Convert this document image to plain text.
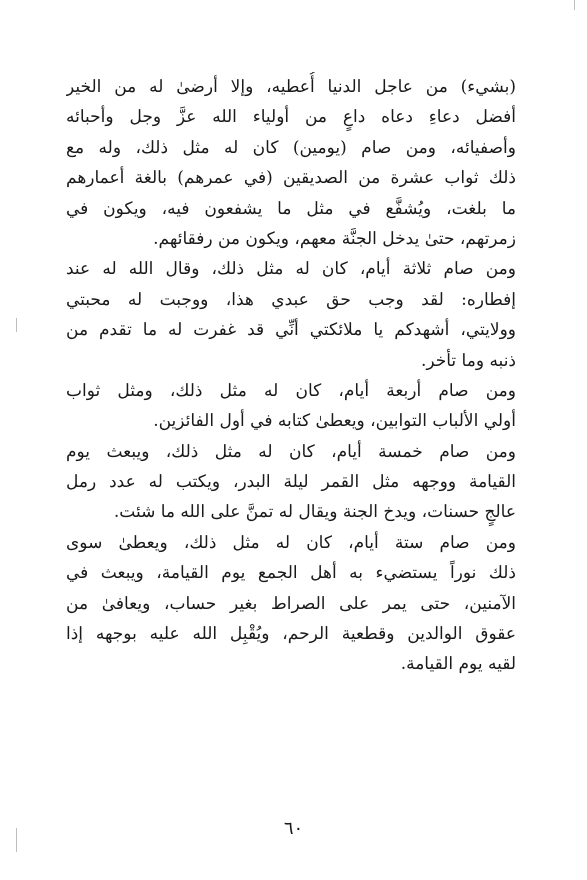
(بشيء) من عاجل الدنيا أُعطيه، وإلا أرضىٰ له من الخير
أفضل دعاءِ دعاه داعٍ من أولياء الله عزَّ وجل وأحبائه
وأصفيائه، ومن صام (يومين) كان له مثل ذلك، وله مع
ذلك ثواب عشرة من الصديقين (في عمرهم) بالغة أعمارهم
ما بلغت، ويُشفَّع في مثل ما يشفعون فيه، ويكون في
زمرتهم، حتىٰ يدخل الجنَّة معهم، ويكون من رفقائهم.
ومن صام ثلاثة أيام، كان له مثل ذلك، وقال الله له عند
إفطاره: لقد وجب حق عبدي هذا، ووجبت له محبتي
وولايتي، أشهدكم يا ملائكتي أنِّي قد غفرت له ما تقدم من
ذنبه وما تأخر.
ومن صام أربعة أيام، كان له مثل ذلك، ومثل ثواب
أولي الألباب التوابين، ويعطىٰ كتابه في أول الفائزين.
ومن صام خمسة أيام، كان له مثل ذلك، ويبعث يوم
القيامة ووجهه مثل القمر ليلة البدر، ويكتب له عدد رمل
عالجٍ حسنات، ويدخ الجنة ويقال له تمنَّ على الله ما شئت.
ومن صام ستة أيام، كان له مثل ذلك، ويعطىٰ سوى
ذلك نوراً يستضيء به أهل الجمع يوم القيامة، ويبعث في
الآمنين، حتى يمر على الصراط بغير حساب، ويعافىٰ من
عقوق الوالدين وقطعية الرحم، ويُقْبِل الله عليه بوجهه إذا
لقيه يوم القيامة.
٦٠
